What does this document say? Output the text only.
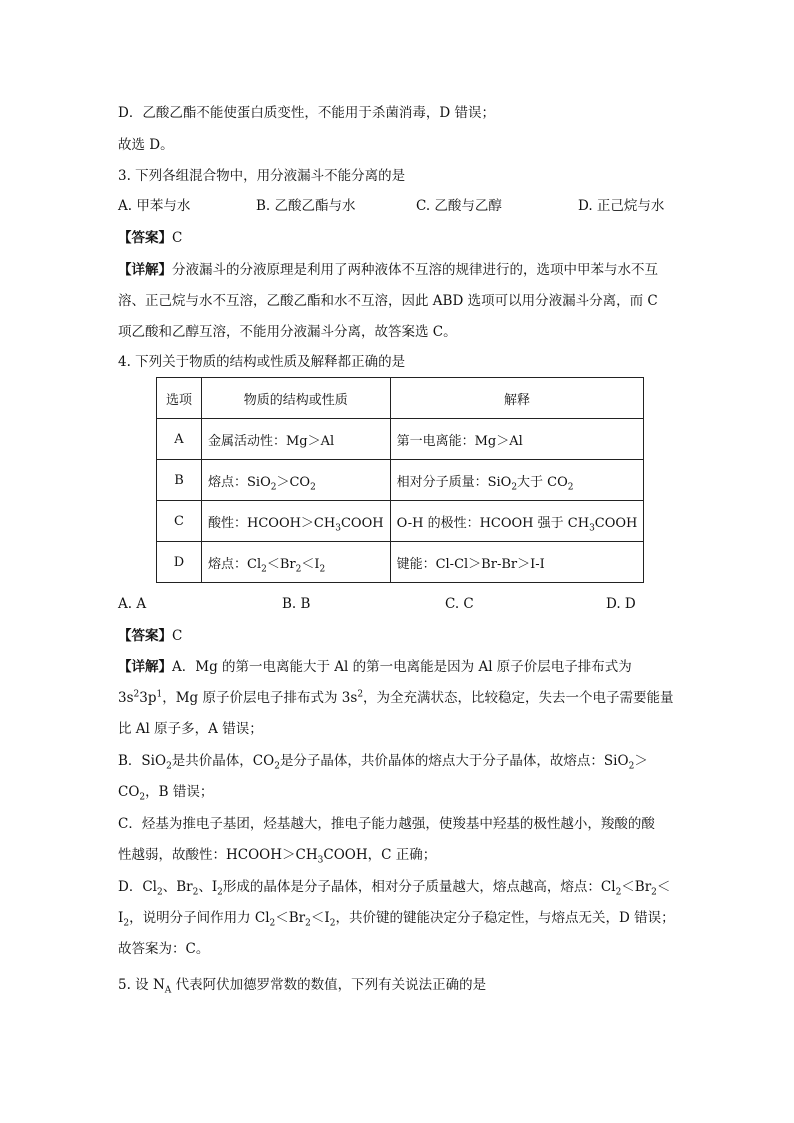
D．乙酸乙酯不能使蛋白质变性，不能用于杀菌消毒，D 错误；
故选 D。
3. 下列各组混合物中，用分液漏斗不能分离的是
A. 甲苯与水	B. 乙酸乙酯与水	C. 乙酸与乙醇	D. 正己烷与水
【答案】C
【详解】分液漏斗的分液原理是利用了两种液体不互溶的规律进行的，选项中甲苯与水不互
溶、正己烷与水不互溶，乙酸乙酯和水不互溶，因此 ABD 选项可以用分液漏斗分离，而 C
项乙酸和乙醇互溶，不能用分液漏斗分离，故答案选 C。
4. 下列关于物质的结构或性质及解释都正确的是
选项	物质的结构或性质	解释
A	金属活动性：Mg＞Al	第一电离能：Mg＞Al
B	熔点：$SiO_2>CO_2$	相对分子质量：SiO$_2$大于 $CO_2$
C	酸性：$HCOOH>CH_3COOH$	O-H 的极性：HCOOH 强于 $CH_3COOH$
D	熔点：$Cl_2<Br_2<I_2$	键能：Cl-Cl＞Br-Br＞I-I
A. A	B. B	C. C	D. D
【答案】C
【详解】A．Mg 的第一电离能大于 Al 的第一电离能是因为 Al 原子价层电子排布式为
$3s^23p^1$，Mg 原子价层电子排布式为 $3s^2$，为全充满状态，比较稳定，失去一个电子需要能量
比 Al 原子多，A 错误；
B．SiO$_2$是共价晶体，$CO_2$是分子晶体，共价晶体的熔点大于分子晶体，故熔点：SiO$_2$＞
$CO_2$，B 错误；
C．烃基为推电子基团，烃基越大，推电子能力越强，使羧基中羟基的极性越小，羧酸的酸
性越弱，故酸性：$HCOOH>CH_3COOH$，C 正确；
D．$Cl_2$、$Br_2$、$I_2$形成的晶体是分子晶体，相对分子质量越大，熔点越高，熔点：$Cl_2<Br_2<$
$I_2$，说明分子间作用力 $Cl_2<Br_2<I_2$，共价键的键能决定分子稳定性，与熔点无关，D 错误；
故答案为：C。
5. 设 $N_A$ 代表阿伏加德罗常数的数值，下列有关说法正确的是
